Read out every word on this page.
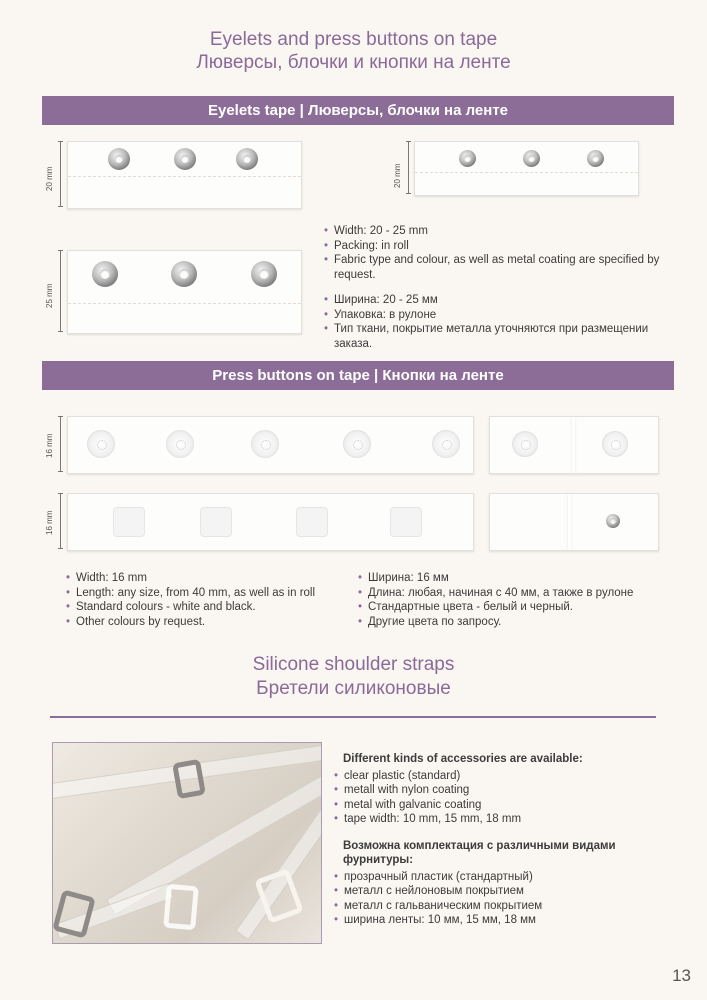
Eyelets and press buttons on tape
Люверсы, блочки и кнопки на ленте
Eyelets tape | Люверсы, блочки на ленте
20 mm	20 mm
25 mm
• Width: 20 - 25 mm
• Packing: in roll
• Fabric type and colour, as well as metal coating are specified by request.
• Ширина: 20 - 25 мм
• Упаковка: в рулоне
• Тип ткани, покрытие металла уточняются при размещении заказа.
Press buttons on tape | Кнопки на ленте
16 mm
16 mm
• Width: 16 mm
• Length: any size, from 40 mm, as well as in roll
• Standard colours - white and black.
• Other colours by request.
• Ширина: 16 мм
• Длина: любая, начиная с 40 мм, а также в рулоне
• Стандартные цвета - белый и черный.
• Другие цвета по запросу.
Silicone shoulder straps
Бретели силиконовые
Different kinds of accessories are available:
• clear plastic (standard)
• metall with nylon coating
• metal with galvanic coating
• tape width: 10 mm, 15 mm, 18 mm
Возможна комплектация с различными видами фурнитуры:
• прозрачный пластик (стандартный)
• металл с нейлоновым покрытием
• металл с гальваническим покрытием
• ширина ленты: 10 мм, 15 мм, 18 мм
13
